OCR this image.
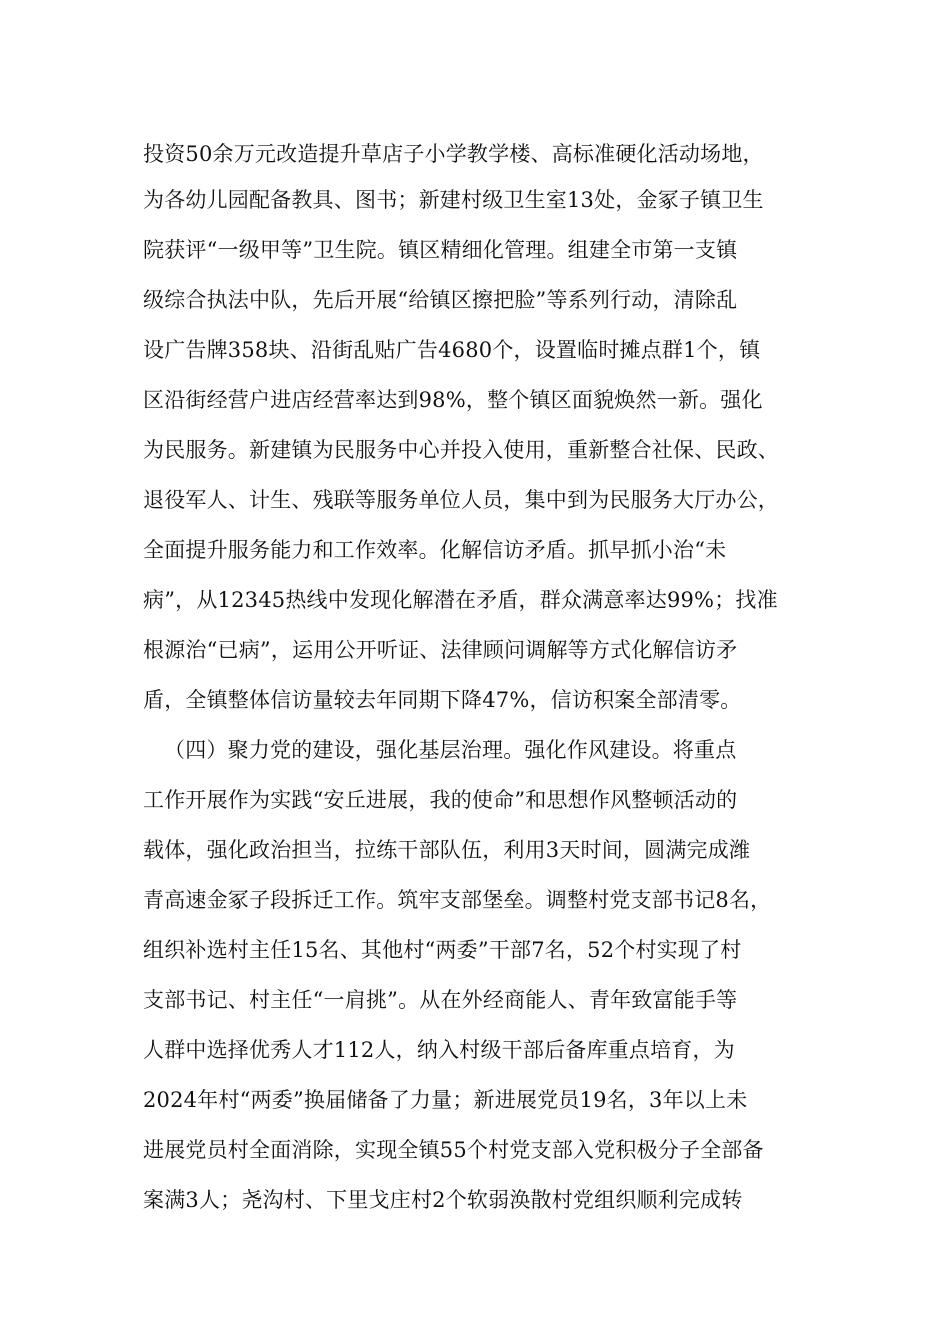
投资50余万元改造提升草店子小学教学楼、高标准硬化活动场地，
为各幼儿园配备教具、图书；新建村级卫生室13处，金冢子镇卫生
院获评“一级甲等”卫生院。镇区精细化管理。组建全市第一支镇
级综合执法中队，先后开展“给镇区擦把脸”等系列行动，清除乱
设广告牌358块、沿街乱贴广告4680个，设置临时摊点群1个，镇
区沿街经营户进店经营率达到98%，整个镇区面貌焕然一新。强化
为民服务。新建镇为民服务中心并投入使用，重新整合社保、民政、
退役军人、计生、残联等服务单位人员，集中到为民服务大厅办公，
全面提升服务能力和工作效率。化解信访矛盾。抓早抓小治“未
病”，从12345热线中发现化解潜在矛盾，群众满意率达99%；找准
根源治“已病”，运用公开听证、法律顾问调解等方式化解信访矛
盾，全镇整体信访量较去年同期下降47%，信访积案全部清零。
（四）聚力党的建设，强化基层治理。强化作风建设。将重点
工作开展作为实践“安丘进展，我的使命”和思想作风整顿活动的
载体，强化政治担当，拉练干部队伍，利用3天时间，圆满完成潍
青高速金冢子段拆迁工作。筑牢支部堡垒。调整村党支部书记8名，
组织补选村主任15名、其他村“两委”干部7名，52个村实现了村
支部书记、村主任“一肩挑”。从在外经商能人、青年致富能手等
人群中选择优秀人才112人，纳入村级干部后备库重点培育，为
2024年村“两委”换届储备了力量；新进展党员19名，3年以上未
进展党员村全面消除，实现全镇55个村党支部入党积极分子全部备
案满3人；尧沟村、下里戈庄村2个软弱涣散村党组织顺利完成转
